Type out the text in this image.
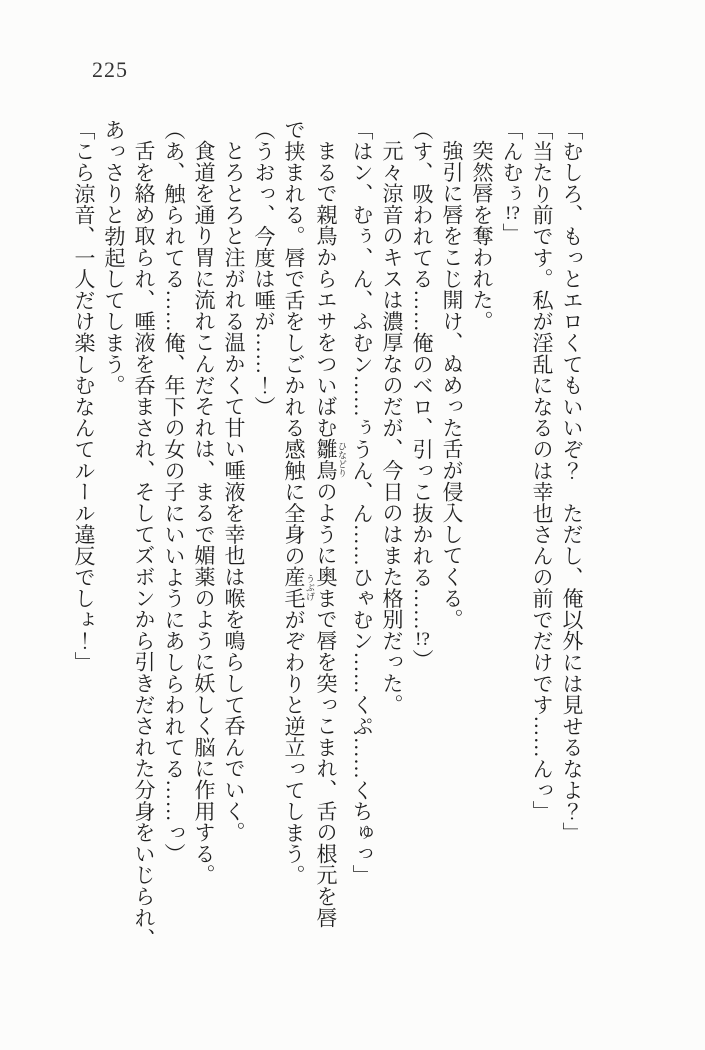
225

「むしろ、もっとエロくてもいいぞ？　ただし、俺以外には見せるなよ？」

「当たり前です。私が淫乱になるのは幸也さんの前でだけです……んっ」

「んむぅ!?」

突然唇を奪われた。

強引に唇をこじ開け、ぬめった舌が侵入してくる。

（す、吸われてる……俺のベロ、引っこ抜かれる……!?）

元々涼音のキスは濃厚なのだが、今日のはまた格別だった。

「はン、むぅ、ん、ふむン……ぅうん、ん……ひゃむン……くぷ……くちゅっ」

まるで親鳥からエサをついばむ雛鳥 ひなどりのように奥まで唇を突っこまれ、舌の根元を唇
で挟まれる。唇で舌をしごかれる感触に全身の産毛 うぶげがぞわりと逆立ってしまう。

（うおっ、今度は唾が……！）

とろとろと注がれる温かくて甘い唾液を幸也は喉を鳴らして呑んでいく。

食道を通り胃に流れこんだそれは、まるで媚薬のように妖しく脳に作用する。

（あ、触られてる……俺、年下の女の子にいいようにあしらわれてる……っ）

舌を絡め取られ、唾液を呑まされ、そしてズボンから引きだされた分身をいじられ、
あっさりと勃起してしまう。

「こら涼音、一人だけ楽しむなんてルール違反でしょ！」
